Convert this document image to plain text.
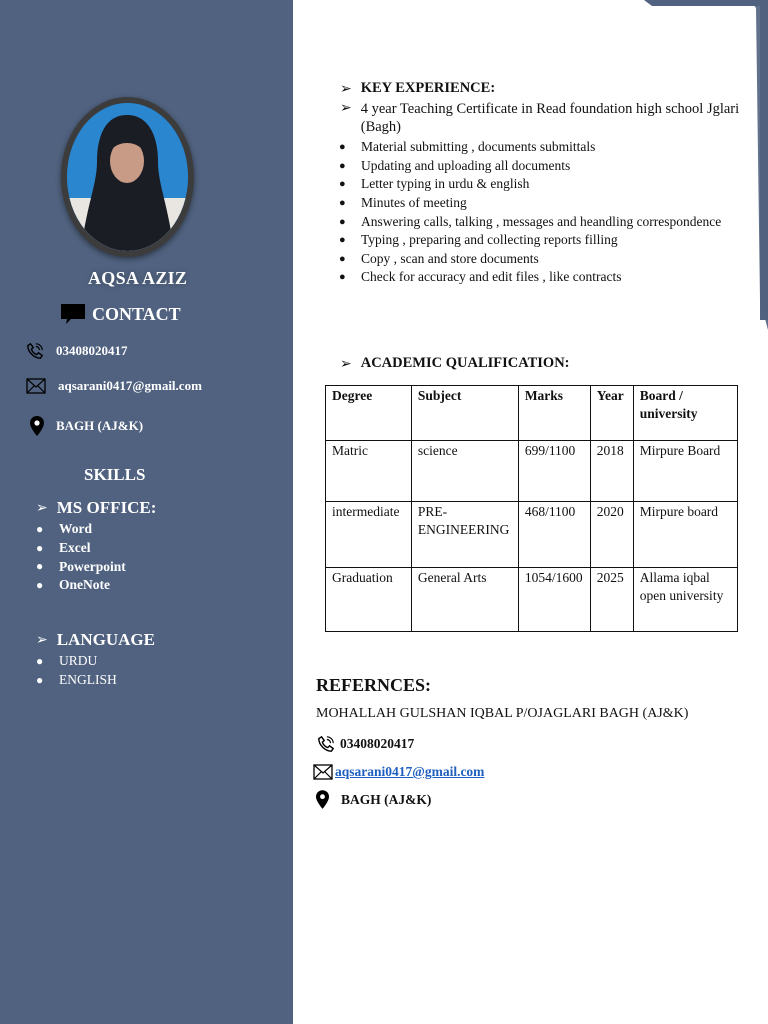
AQSA AZIZ
CONTACT
03408020417
aqsarani0417@gmail.com
BAGH (AJ&K)
SKILLS
➢ MS OFFICE:
●	Word
●	Excel
●	Powerpoint
●	OneNote
➢ LANGUAGE
●	URDU
●	ENGLISH
➢ KEY EXPERIENCE:
➢ 4 year Teaching Certificate in Read foundation high school Jglari (Bagh)
●	Material submitting , documents submittals
●	Updating and uploading all documents
●	Letter typing in urdu & english
●	Minutes of meeting
●	Answering calls, talking , messages and heandling correspondence
●	Typing , preparing and collecting reports filling
●	Copy , scan and store documents
●	Check for accuracy and edit files , like contracts
➢ ACADEMIC QUALIFICATION:
Degree	Subject	Marks	Year	Board / university
Matric	science	699/1100	2018	Mirpure Board
intermediate	PRE-ENGINEERING	468/1100	2020	Mirpure board
Graduation	General Arts	1054/1600	2025	Allama iqbal open university
REFERNCES:
MOHALLAH GULSHAN IQBAL P/OJAGLARI BAGH (AJ&K)
03408020417
aqsarani0417@gmail.com
BAGH (AJ&K)
